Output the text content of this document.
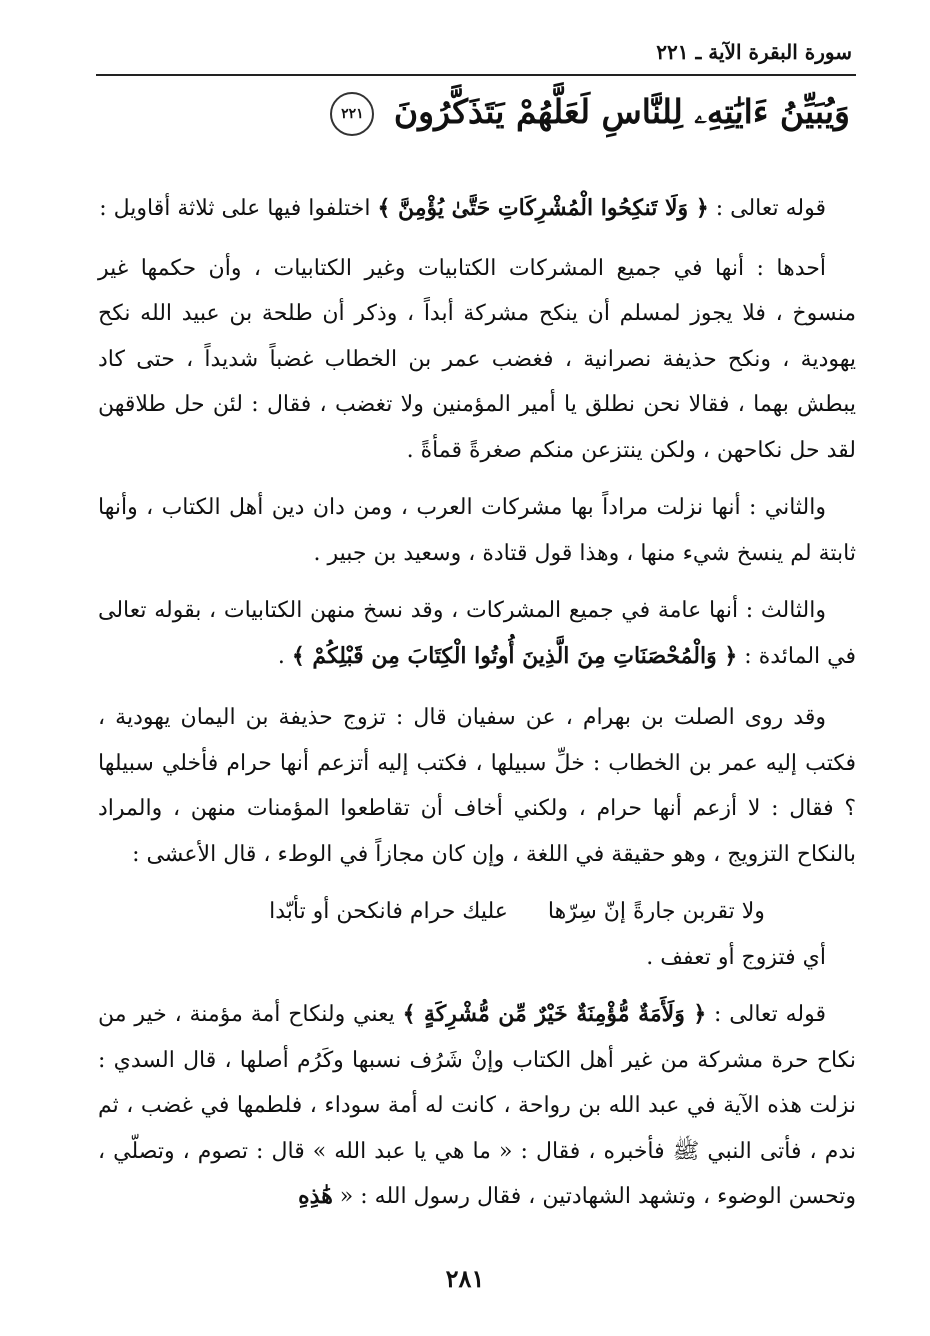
سورة البقرة الآية ـ ٢٢١
وَيُبَيِّنُ ءَايَٰتِهِۦ لِلنَّاسِ لَعَلَّهُمْ يَتَذَكَّرُونَ ٢٢١

قوله تعالى : ﴿ وَلَا تَنكِحُوا الْمُشْرِكَاتِ حَتَّىٰ يُؤْمِنَّ ﴾ اختلفوا فيها على ثلاثة أقاويل :

أحدها : أنها في جميع المشركات الكتابيات وغير الكتابيات ، وأن حكمها غير منسوخ ، فلا يجوز لمسلم أن ينكح مشركة أبداً ، وذكر أن طلحة بن عبيد الله نكح يهودية ، ونكح حذيفة نصرانية ، فغضب عمر بن الخطاب غضباً شديداً ، حتى كاد يبطش بهما ، فقالا نحن نطلق يا أمير المؤمنين ولا تغضب ، فقال : لئن حل طلاقهن لقد حل نكاحهن ، ولكن ينتزعن منكم صغرةً قمأةً .

والثاني : أنها نزلت مراداً بها مشركات العرب ، ومن دان دين أهل الكتاب ، وأنها ثابتة لم ينسخ شيء منها ، وهذا قول قتادة ، وسعيد بن جبير .

والثالث : أنها عامة في جميع المشركات ، وقد نسخ منهن الكتابيات ، بقوله تعالى في المائدة : ﴿ وَالْمُحْصَنَاتِ مِنَ الَّذِينَ أُوتُوا الْكِتَابَ مِن قَبْلِكُمْ ﴾ .

وقد روى الصلت بن بهرام ، عن سفيان قال : تزوج حذيفة بن اليمان يهودية ، فكتب إليه عمر بن الخطاب : خلِّ سبيلها ، فكتب إليه أتزعم أنها حرام فأخلي سبيلها ؟ فقال : لا أزعم أنها حرام ، ولكني أخاف أن تقاطعوا المؤمنات منهن ، والمراد بالنكاح التزويج ، وهو حقيقة في اللغة ، وإن كان مجازاً في الوطء ، قال الأعشى :

ولا تقربن جارةً إنّ سِرّها
عليك حرام فانكحن أو تأبّدا

أي فتزوج أو تعفف .

قوله تعالى : ﴿ وَلَأَمَةٌ مُّؤْمِنَةٌ خَيْرٌ مِّن مُّشْرِكَةٍ ﴾ يعني ولنكاح أمة مؤمنة ، خير من نكاح حرة مشركة من غير أهل الكتاب وإنْ شَرُف نسبها وكَرُم أصلها ، قال السدي : نزلت هذه الآية في عبد الله بن رواحة ، كانت له أمة سوداء ، فلطمها في غضب ، ثم ندم ، فأتى النبي ﷺ فأخبره ، فقال : « ما هي يا عبد الله » قال : تصوم ، وتصلّي ، وتحسن الوضوء ، وتشهد الشهادتين ، فقال رسول الله : « هَٰذِهِ

٢٨١
